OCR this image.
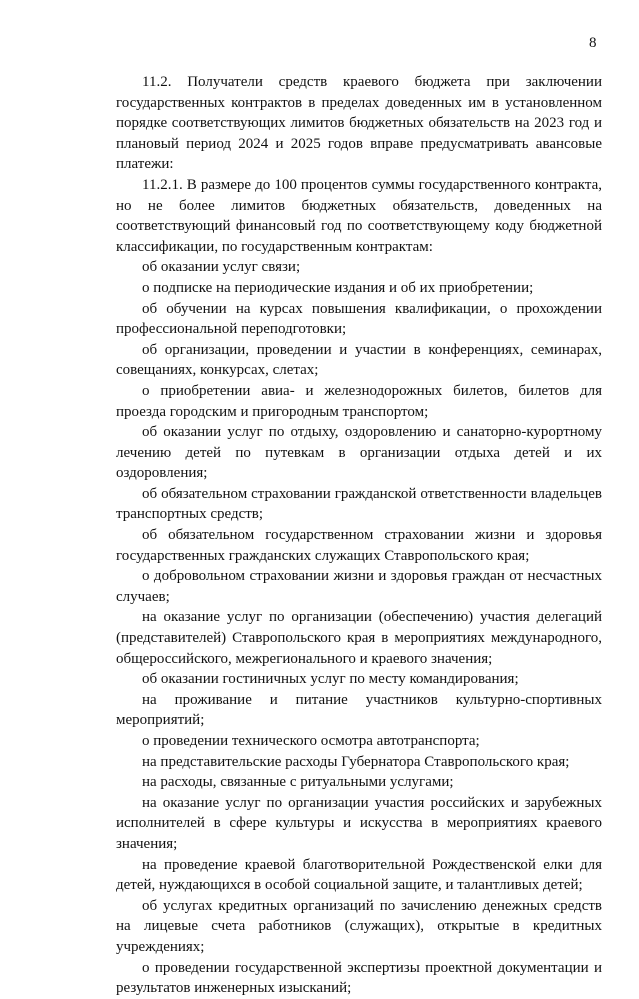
8

11.2. Получатели средств краевого бюджета при заключении государственных контрактов в пределах доведенных им в установленном порядке соответствующих лимитов бюджетных обязательств на 2023 год и плановый период 2024 и 2025 годов вправе предусматривать авансовые платежи:

11.2.1. В размере до 100 процентов суммы государственного контракта, но не более лимитов бюджетных обязательств, доведенных на соответствующий финансовый год по соответствующему коду бюджетной классификации, по государственным контрактам:

об оказании услуг связи;

о подписке на периодические издания и об их приобретении;

об обучении на курсах повышения квалификации, о прохождении профессиональной переподготовки;

об организации, проведении и участии в конференциях, семинарах, совещаниях, конкурсах, слетах;

о приобретении авиа- и железнодорожных билетов, билетов для проезда городским и пригородным транспортом;

об оказании услуг по отдыху, оздоровлению и санаторно-курортному лечению детей по путевкам в организации отдыха детей и их оздоровления;

об обязательном страховании гражданской ответственности владельцев транспортных средств;

об обязательном государственном страховании жизни и здоровья государственных гражданских служащих Ставропольского края;

о добровольном страховании жизни и здоровья граждан от несчастных случаев;

на оказание услуг по организации (обеспечению) участия делегаций (представителей) Ставропольского края в мероприятиях международного, общероссийского, межрегионального и краевого значения;

об оказании гостиничных услуг по месту командирования;

на проживание и питание участников культурно-спортивных мероприятий;

о проведении технического осмотра автотранспорта;

на представительские расходы Губернатора Ставропольского края;

на расходы, связанные с ритуальными услугами;

на оказание услуг по организации участия российских и зарубежных исполнителей в сфере культуры и искусства в мероприятиях краевого значения;

на проведение краевой благотворительной Рождественской елки для детей, нуждающихся в особой социальной защите, и талантливых детей;

об услугах кредитных организаций по зачислению денежных средств на лицевые счета работников (служащих), открытые в кредитных учреждениях;

о проведении государственной экспертизы проектной документации и результатов инженерных изысканий;
